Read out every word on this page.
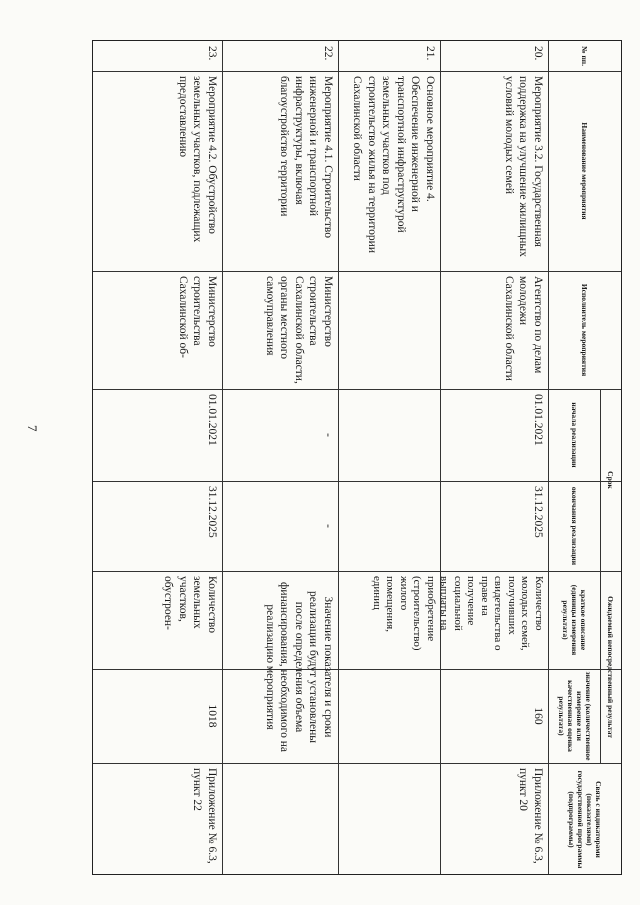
7
№ пп.
Наименование мероприятия
Исполнитель мероприятия
Срок
начала реализации
окончания реализации
Ожидаемый непосредственный результат
краткое описание (единицы измерения результата)
значение (количественное измерение или качественная оценка результата)
Связь с индикаторами (показателями) государственной программы (подпрограммы)
20.
Мероприятие 3.2. Государственная поддержка на улучшение жилищных условий молодых семей
Агентство по делам молодежи Сахалинской области
01.01.2021
31.12.2025
Количество молодых семей, получивших свидетельства о праве на получение социальной выплаты на приобретение (строительство) жилого помещения, единиц
160
Приложение № 6.3, пункт 20
21.
Основное мероприятие 4. Обеспечение инженерной и транспортной инфраструктурой земельных участков под строительство жилья на территории Сахалинской области
22.
Мероприятие 4.1. Строительство инженерной и транспортной инфраструктуры, включая благоустройство территории
Министерство строительства Сахалинской области, органы местного самоуправления
-
-
Значение показателя и сроки реализации будут установлены после определения объема финансирования, необходимого на реализацию мероприятия
23.
Мероприятие 4.2. Обустройство земельных участков, подлежащих предоставлению
Министерство строительства Сахалинской об-
01.01.2021
31.12.2025
Количество земельных участков, обустроен-
1018
Приложение № 6.3, пункт 22
